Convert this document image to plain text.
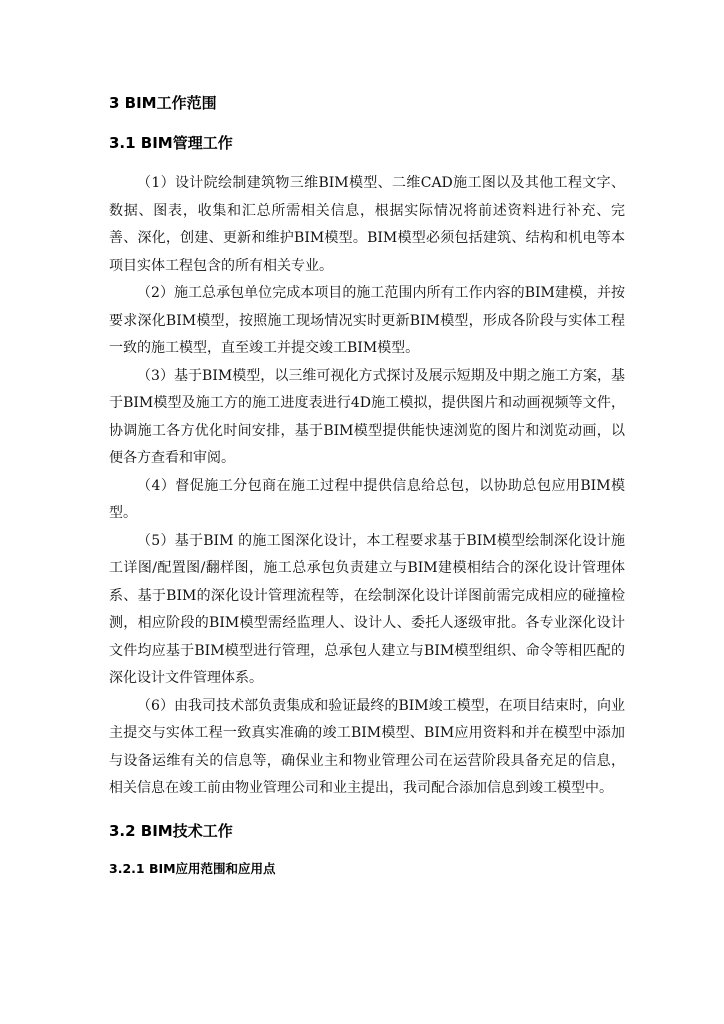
3 BIM工作范围
3.1 BIM管理工作

（1）设计院绘制建筑物三维BIM模型、二维CAD施工图以及其他工程文字、数据、图表，收集和汇总所需相关信息，根据实际情况将前述资料进行补充、完善、深化，创建、更新和维护BIM模型。BIM模型必须包括建筑、结构和机电等本项目实体工程包含的所有相关专业。

（2）施工总承包单位完成本项目的施工范围内所有工作内容的BIM建模，并按要求深化BIM模型，按照施工现场情况实时更新BIM模型，形成各阶段与实体工程一致的施工模型，直至竣工并提交竣工BIM模型。

（3）基于BIM模型，以三维可视化方式探讨及展示短期及中期之施工方案，基于BIM模型及施工方的施工进度表进行4D施工模拟，提供图片和动画视频等文件，协调施工各方优化时间安排，基于BIM模型提供能快速浏览的图片和浏览动画，以便各方查看和审阅。

（4）督促施工分包商在施工过程中提供信息给总包，以协助总包应用BIM模型。

（5）基于BIM 的施工图深化设计，本工程要求基于BIM模型绘制深化设计施工详图/配置图/翻样图，施工总承包负责建立与BIM建模相结合的深化设计管理体系、基于BIM的深化设计管理流程等，在绘制深化设计详图前需完成相应的碰撞检测，相应阶段的BIM模型需经监理人、设计人、委托人逐级审批。各专业深化设计文件均应基于BIM模型进行管理，总承包人建立与BIM模型组织、命令等相匹配的深化设计文件管理体系。

（6）由我司技术部负责集成和验证最终的BIM竣工模型，在项目结束时，向业主提交与实体工程一致真实准确的竣工BIM模型、BIM应用资料和并在模型中添加与设备运维有关的信息等，确保业主和物业管理公司在运营阶段具备充足的信息，相关信息在竣工前由物业管理公司和业主提出，我司配合添加信息到竣工模型中。

3.2 BIM技术工作
3.2.1 BIM应用范围和应用点
